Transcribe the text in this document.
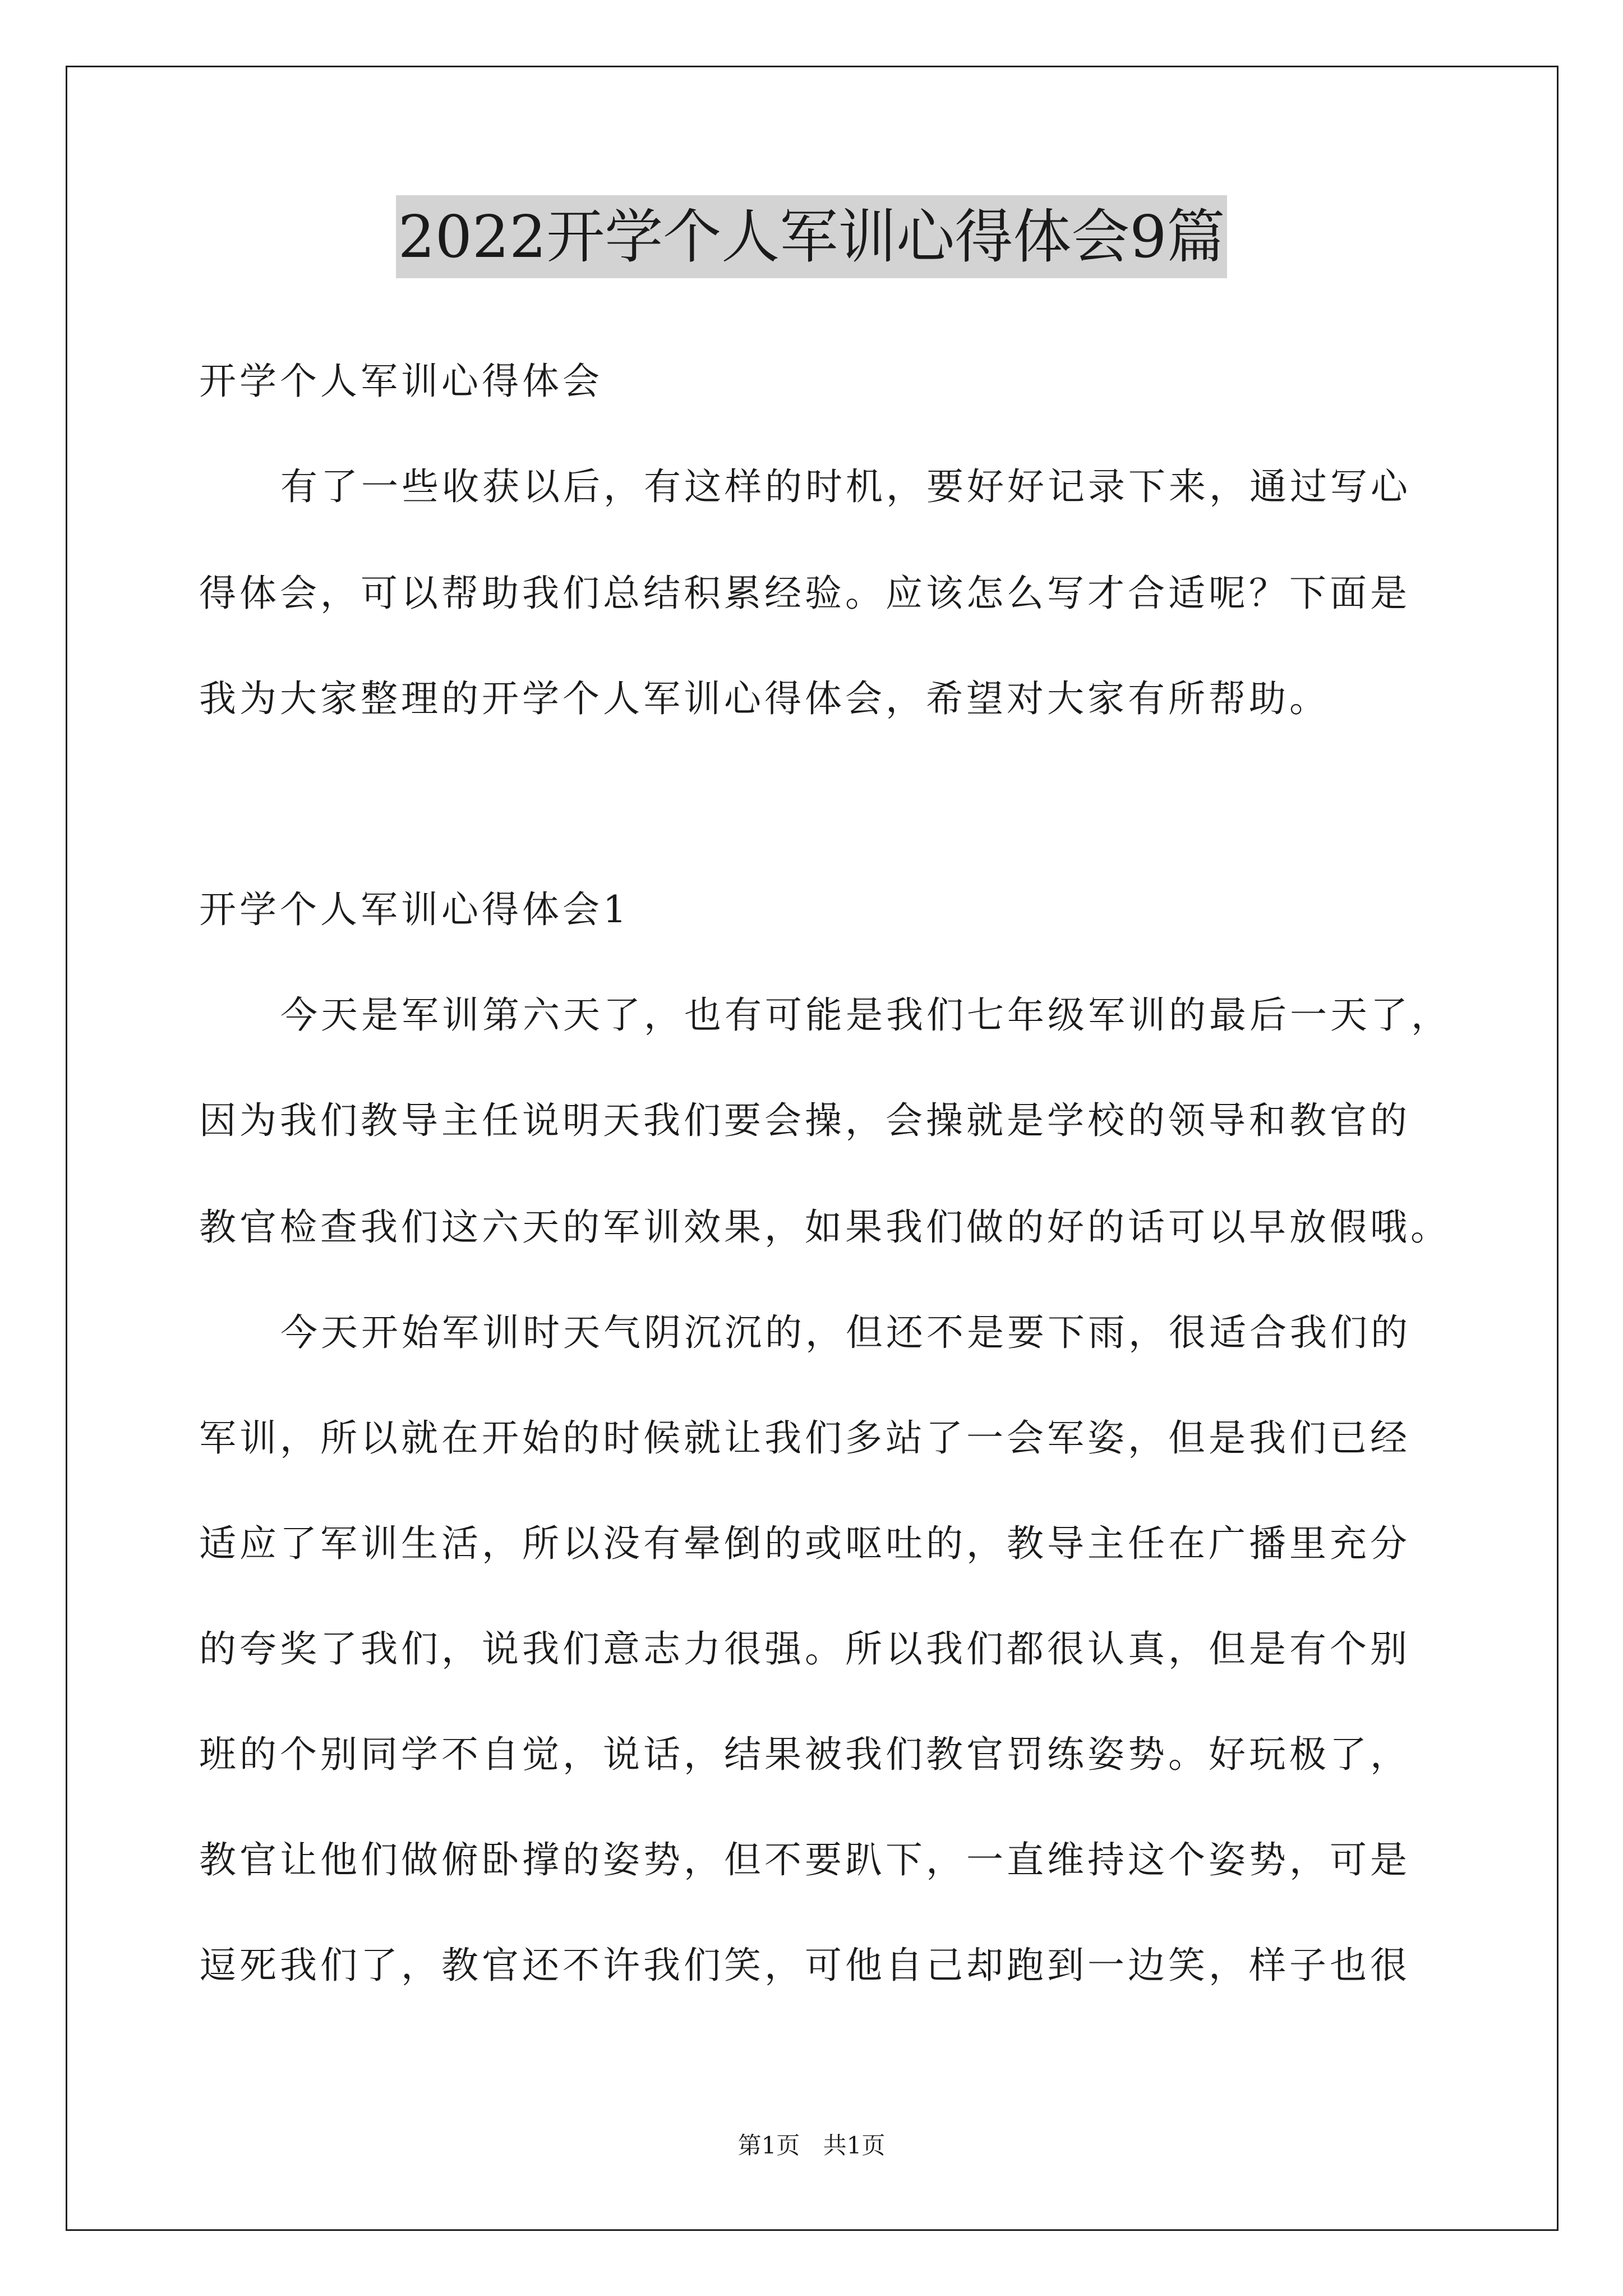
2022开学个人军训心得体会9篇
开学个人军训心得体会
有了一些收获以后，有这样的时机，要好好记录下来，通过写心
得体会，可以帮助我们总结积累经验。应该怎么写才合适呢？下面是
我为大家整理的开学个人军训心得体会，希望对大家有所帮助。
开学个人军训心得体会1
今天是军训第六天了，也有可能是我们七年级军训的最后一天了，
因为我们教导主任说明天我们要会操，会操就是学校的领导和教官的
教官检查我们这六天的军训效果，如果我们做的好的话可以早放假哦。
今天开始军训时天气阴沉沉的，但还不是要下雨，很适合我们的
军训，所以就在开始的时候就让我们多站了一会军姿，但是我们已经
适应了军训生活，所以没有晕倒的或呕吐的，教导主任在广播里充分
的夸奖了我们，说我们意志力很强。所以我们都很认真，但是有个别
班的个别同学不自觉，说话，结果被我们教官罚练姿势。好玩极了，
教官让他们做俯卧撑的姿势，但不要趴下，一直维持这个姿势，可是
逗死我们了，教官还不许我们笑，可他自己却跑到一边笑，样子也很
第1页 共1页
